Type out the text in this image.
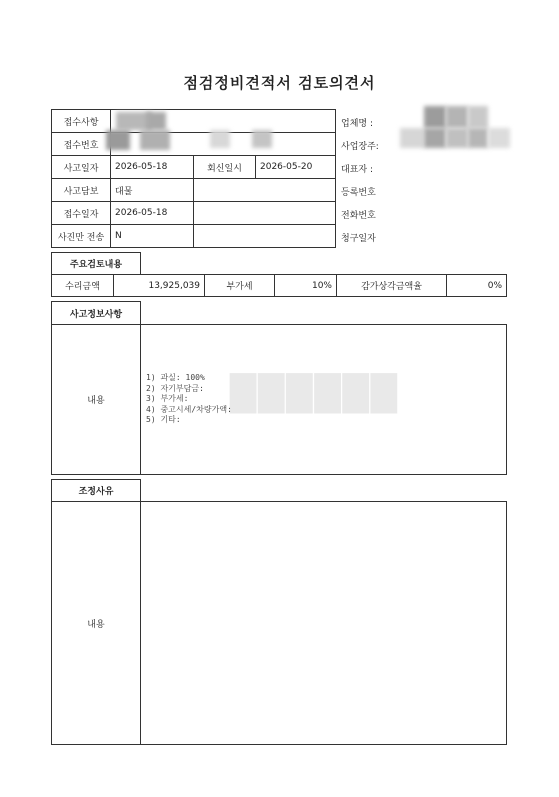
점검정비견적서 검토의견서
접수사항
접수번호
사고일자 2026-05-18	회신일시 2026-05-20
사고담보 대물
접수일자 2026-05-18
사진만 전송 N
업체명 :
사업장주:
대표자 :
등록번호
전화번호
청구일자
주요검토내용
수리금액	13,925,039	부가세	10%	감가상각금액율	0%
사고정보사항
내용	██████
1) 과실: 100%
2) 자기부담금:
3) 부가세:
4) 중고시세/차량가액:
5) 기타:
조정사유
내용
